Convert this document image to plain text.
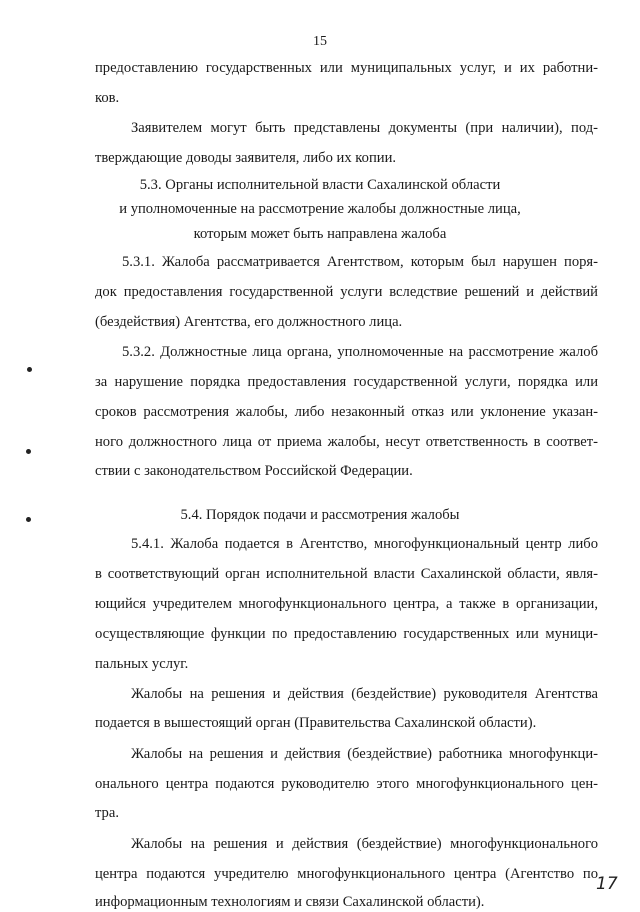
15
предоставлению государственных или муниципальных услуг, и их работни-
ков.
Заявителем могут быть представлены документы (при наличии), под-
тверждающие доводы заявителя, либо их копии.
5.3. Органы исполнительной власти Сахалинской области
и уполномоченные на рассмотрение жалобы должностные лица,
которым может быть направлена жалоба
5.3.1. Жалоба рассматривается Агентством, которым был нарушен поря-
док предоставления государственной услуги вследствие решений и действий
(бездействия) Агентства, его должностного лица.
5.3.2. Должностные лица органа, уполномоченные на рассмотрение жалоб
за нарушение порядка предоставления государственной услуги, порядка или
сроков рассмотрения жалобы, либо незаконный отказ или уклонение указан-
ного должностного лица от приема жалобы, несут ответственность в соответ-
ствии с законодательством Российской Федерации.
5.4. Порядок подачи и рассмотрения жалобы
5.4.1. Жалоба подается в Агентство, многофункциональный центр либо
в соответствующий орган исполнительной власти Сахалинской области, явля-
ющийся учредителем многофункционального центра, а также в организации,
осуществляющие функции по предоставлению государственных или муници-
пальных услуг.
Жалобы на решения и действия (бездействие) руководителя Агентства
подается в вышестоящий орган (Правительства Сахалинской области).
Жалобы на решения и действия (бездействие) работника многофункци-
онального центра подаются руководителю этого многофункционального цен-
тра.
Жалобы на решения и действия (бездействие) многофункционального
центра подаются учредителю многофункционального центра (Агентство по
информационным технологиям и связи Сахалинской области).
17
